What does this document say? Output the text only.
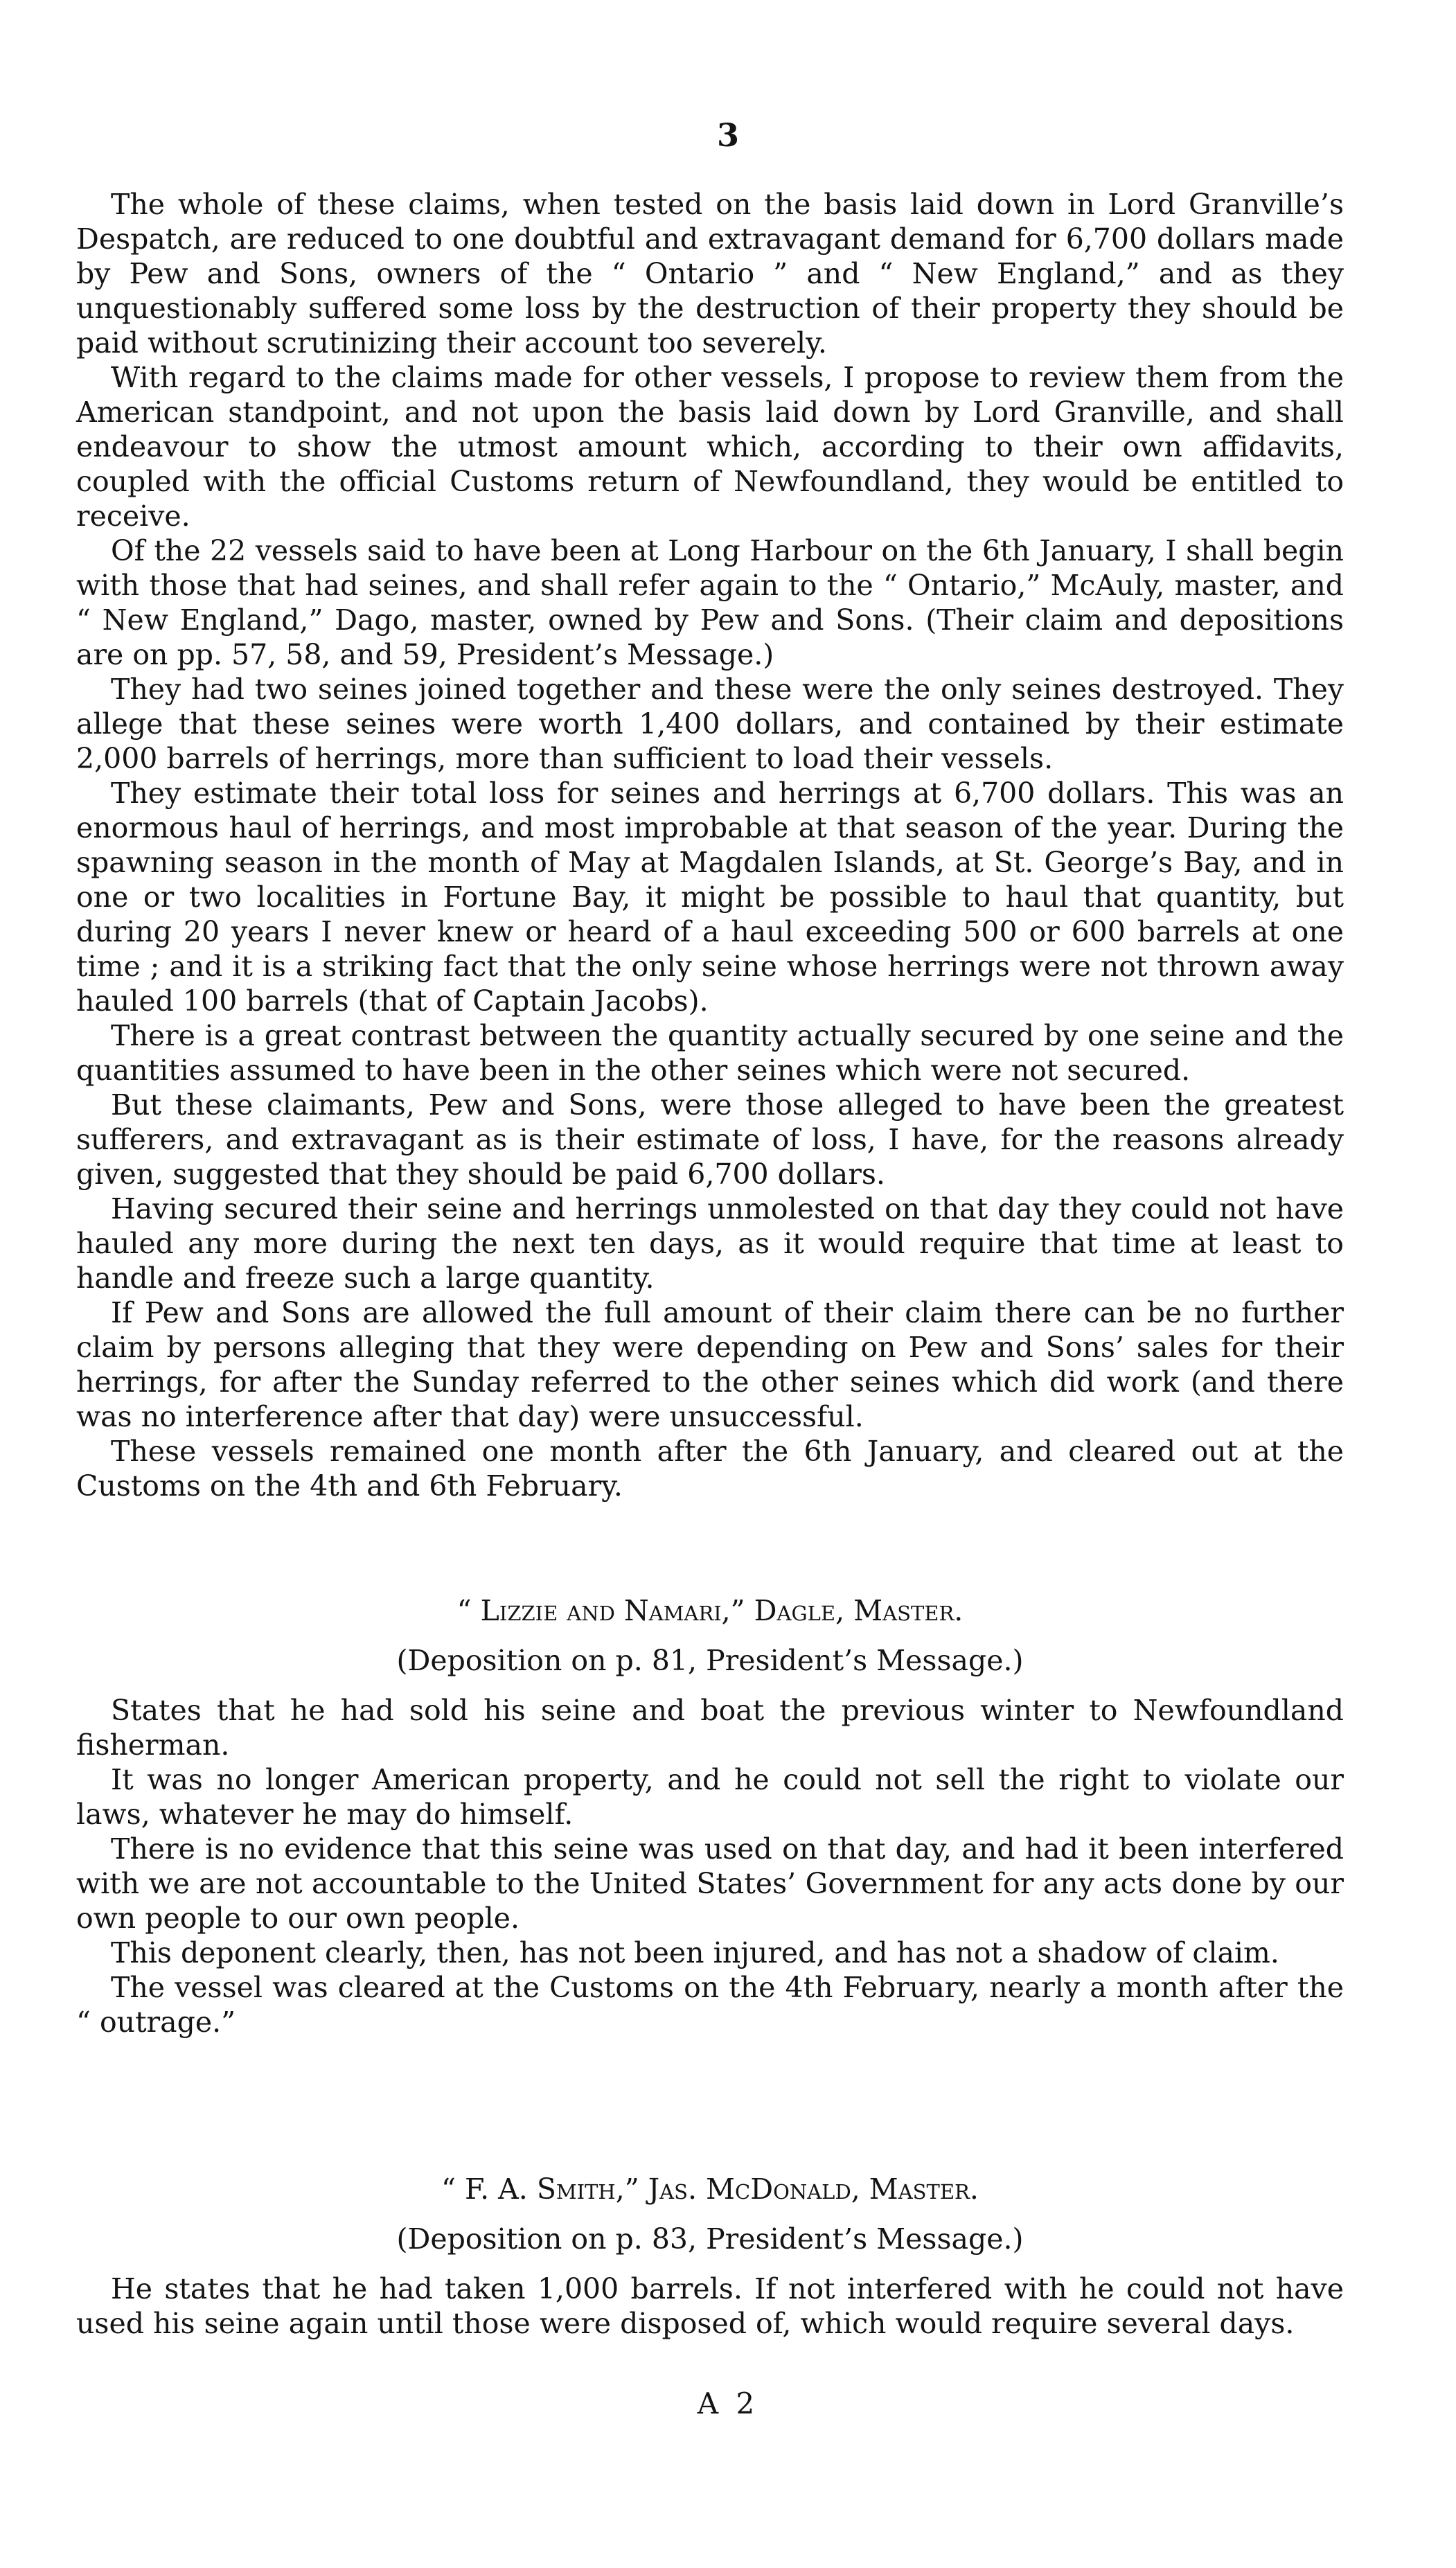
3

The whole of these claims, when tested on the basis laid down in Lord Granville’s Despatch, are reduced to one doubtful and extravagant demand for 6,700 dollars made by Pew and Sons, owners of the “ Ontario ” and “ New England,” and as they unquestionably suffered some loss by the destruction of their property they should be paid without scrutinizing their account too severely.

With regard to the claims made for other vessels, I propose to review them from the American standpoint, and not upon the basis laid down by Lord Granville, and shall endeavour to show the utmost amount which, according to their own affidavits, coupled with the official Customs return of Newfoundland, they would be entitled to receive.

Of the 22 vessels said to have been at Long Harbour on the 6th January, I shall begin with those that had seines, and shall refer again to the “ Ontario,” McAuly, master, and “ New England,” Dago, master, owned by Pew and Sons. (Their claim and depositions are on pp. 57, 58, and 59, President’s Message.)

They had two seines joined together and these were the only seines destroyed. They allege that these seines were worth 1,400 dollars, and contained by their estimate 2,000 barrels of herrings, more than sufficient to load their vessels.

They estimate their total loss for seines and herrings at 6,700 dollars. This was an enormous haul of herrings, and most improbable at that season of the year. During the spawning season in the month of May at Magdalen Islands, at St. George’s Bay, and in one or two localities in Fortune Bay, it might be possible to haul that quantity, but during 20 years I never knew or heard of a haul exceeding 500 or 600 barrels at one time ; and it is a striking fact that the only seine whose herrings were not thrown away hauled 100 barrels (that of Captain Jacobs).

There is a great contrast between the quantity actually secured by one seine and the quantities assumed to have been in the other seines which were not secured.

But these claimants, Pew and Sons, were those alleged to have been the greatest sufferers, and extravagant as is their estimate of loss, I have, for the reasons already given, suggested that they should be paid 6,700 dollars.

Having secured their seine and herrings unmolested on that day they could not have hauled any more during the next ten days, as it would require that time at least to handle and freeze such a large quantity.

If Pew and Sons are allowed the full amount of their claim there can be no further claim by persons alleging that they were depending on Pew and Sons’ sales for their herrings, for after the Sunday referred to the other seines which did work (and there was no interference after that day) were unsuccessful.

These vessels remained one month after the 6th January, and cleared out at the Customs on the 4th and 6th February.

“ Lizzie and Namari,” Dagle, Master.
(Deposition on p. 81, President’s Message.)

States that he had sold his seine and boat the previous winter to Newfoundland fisherman.

It was no longer American property, and he could not sell the right to violate our laws, whatever he may do himself.

There is no evidence that this seine was used on that day, and had it been interfered with we are not accountable to the United States’ Government for any acts done by our own people to our own people.

This deponent clearly, then, has not been injured, and has not a shadow of claim.

The vessel was cleared at the Customs on the 4th February, nearly a month after the “ outrage.”

“ F. A. Smith,” Jas. McDonald, Master.
(Deposition on p. 83, President’s Message.)

He states that he had taken 1,000 barrels. If not interfered with he could not have used his seine again until those were disposed of, which would require several days.

A 2
